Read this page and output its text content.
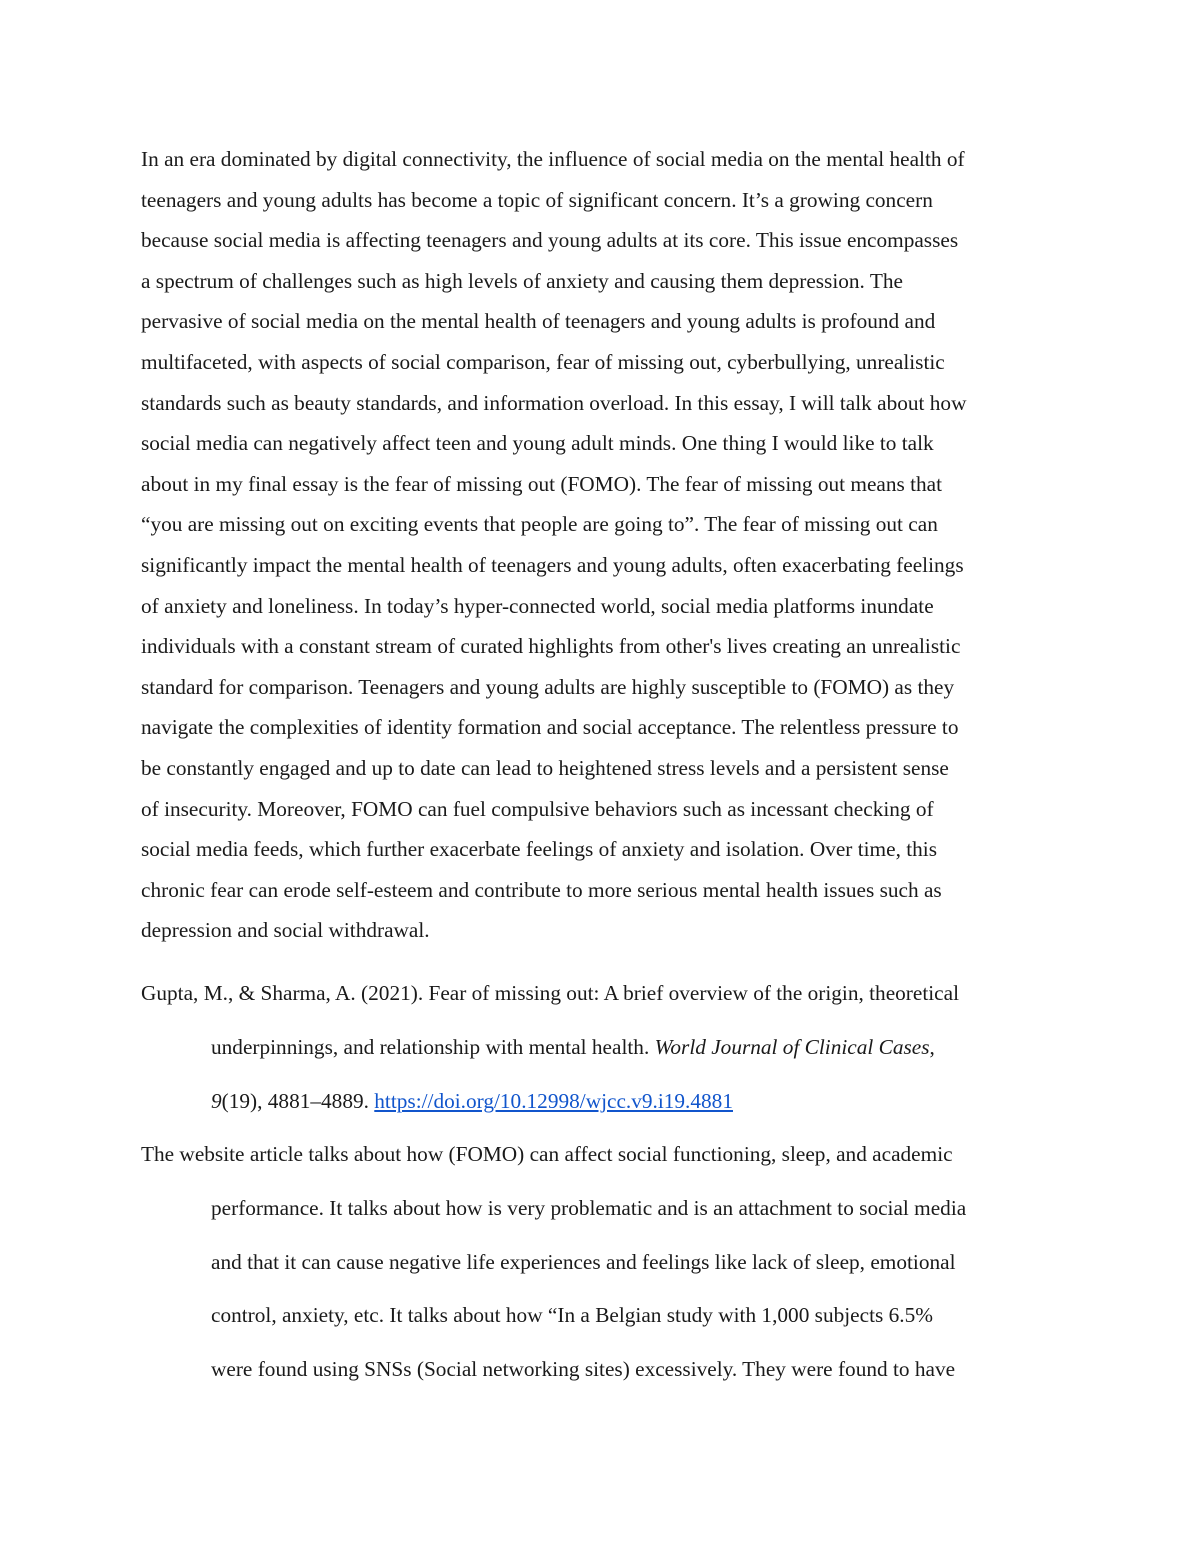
In an era dominated by digital connectivity, the influence of social media on the mental health of
teenagers and young adults has become a topic of significant concern. It’s a growing concern
because social media is affecting teenagers and young adults at its core. This issue encompasses
a spectrum of challenges such as high levels of anxiety and causing them depression. The
pervasive of social media on the mental health of teenagers and young adults is profound and
multifaceted, with aspects of social comparison, fear of missing out, cyberbullying, unrealistic
standards such as beauty standards, and information overload. In this essay, I will talk about how
social media can negatively affect teen and young adult minds. One thing I would like to talk
about in my final essay is the fear of missing out (FOMO). The fear of missing out means that
“you are missing out on exciting events that people are going to”. The fear of missing out can
significantly impact the mental health of teenagers and young adults, often exacerbating feelings
of anxiety and loneliness. In today’s hyper-connected world, social media platforms inundate
individuals with a constant stream of curated highlights from other's lives creating an unrealistic
standard for comparison. Teenagers and young adults are highly susceptible to (FOMO) as they
navigate the complexities of identity formation and social acceptance. The relentless pressure to
be constantly engaged and up to date can lead to heightened stress levels and a persistent sense
of insecurity. Moreover, FOMO can fuel compulsive behaviors such as incessant checking of
social media feeds, which further exacerbate feelings of anxiety and isolation. Over time, this
chronic fear can erode self-esteem and contribute to more serious mental health issues such as
depression and social withdrawal.

Gupta, M., & Sharma, A. (2021). Fear of missing out: A brief overview of the origin, theoretical
underpinnings, and relationship with mental health. World Journal of Clinical Cases,
9(19), 4881–4889. https://doi.org/10.12998/wjcc.v9.i19.4881

The website article talks about how (FOMO) can affect social functioning, sleep, and academic
performance. It talks about how is very problematic and is an attachment to social media
and that it can cause negative life experiences and feelings like lack of sleep, emotional
control, anxiety, etc. It talks about how “In a Belgian study with 1,000 subjects 6.5%
were found using SNSs (Social networking sites) excessively. They were found to have
